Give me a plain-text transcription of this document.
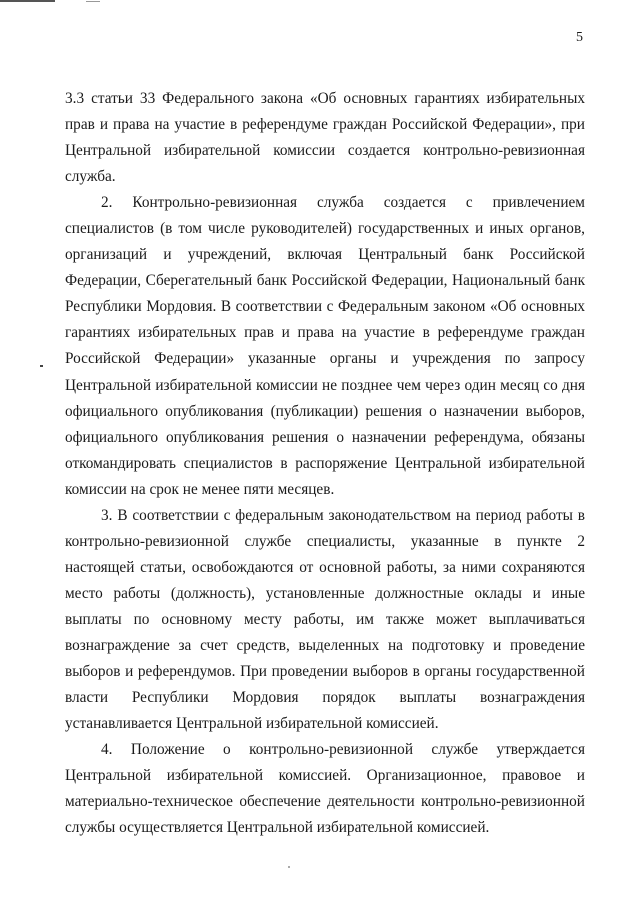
5

3.3 статьи 33 Федерального закона «Об основных гарантиях избирательных прав и права на участие в референдуме граждан Российской Федерации», при Центральной избирательной комиссии создается контрольно-ревизионная служба.

2. Контрольно-ревизионная служба создается с привлечением специалистов (в том числе руководителей) государственных и иных органов, организаций и учреждений, включая Центральный банк Российской Федерации, Сберегательный банк Российской Федерации, Национальный банк Республики Мордовия. В соответствии с Федеральным законом «Об основных гарантиях избирательных прав и права на участие в референдуме граждан Российской Федерации» указанные органы и учреждения по запросу Центральной избирательной комиссии не позднее чем через один месяц со дня официального опубликования (публикации) решения о назначении выборов, официального опубликования решения о назначении референдума, обязаны откомандировать специалистов в распоряжение Центральной избирательной комиссии на срок не менее пяти месяцев.

3. В соответствии с федеральным законодательством на период работы в контрольно-ревизионной службе специалисты, указанные в пункте 2 настоящей статьи, освобождаются от основной работы, за ними сохраняются место работы (должность), установленные должностные оклады и иные выплаты по основному месту работы, им также может выплачиваться вознаграждение за счет средств, выделенных на подготовку и проведение выборов и референдумов. При проведении выборов в органы государственной власти Республики Мордовия порядок выплаты вознаграждения устанавливается Центральной избирательной комиссией.

4. Положение о контрольно-ревизионной службе утверждается Центральной избирательной комиссией. Организационное, правовое и материально-техническое обеспечение деятельности контрольно-ревизионной службы осуществляется Центральной избирательной комиссией.
